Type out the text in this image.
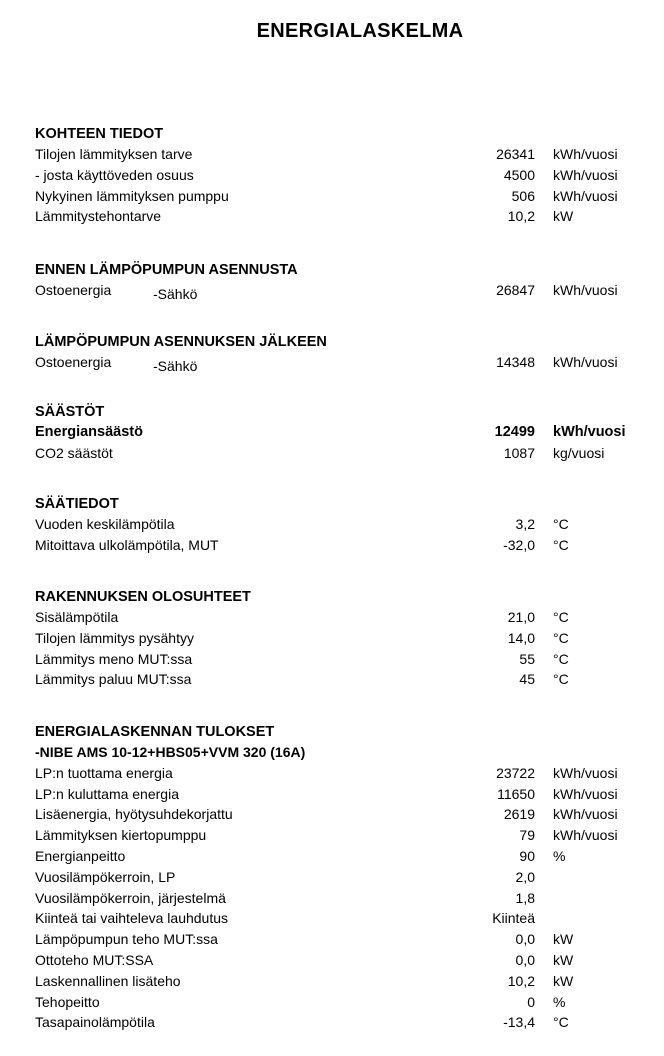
ENERGIALASKELMA
KOHTEEN TIEDOT
Tilojen lämmityksen tarve	26341 kWh/vuosi
- josta käyttöveden osuus	4500 kWh/vuosi
Nykyinen lämmityksen pumppu	506 kWh/vuosi
Lämmitystehontarve	10,2 kW
ENNEN LÄMPÖPUMPUN ASENNUSTA
Ostoenergia	-Sähkö	26847 kWh/vuosi
LÄMPÖPUMPUN ASENNUKSEN JÄLKEEN
Ostoenergia	-Sähkö	14348 kWh/vuosi
SÄÄSTÖT
Energiansäästö	12499 kWh/vuosi
CO2 säästöt	1087 kg/vuosi
SÄÄTIEDOT
Vuoden keskilämpötila	3,2 °C
Mitoittava ulkolämpötila, MUT	-32,0 °C
RAKENNUKSEN OLOSUHTEET
Sisälämpötila	21,0 °C
Tilojen lämmitys pysähtyy	14,0 °C
Lämmitys meno MUT:ssa	55 °C
Lämmitys paluu MUT:ssa	45 °C
ENERGIALASKENNAN TULOKSET
-NIBE AMS 10-12+HBS05+VVM 320 (16A)
LP:n tuottama energia	23722 kWh/vuosi
LP:n kuluttama energia	11650 kWh/vuosi
Lisäenergia, hyötysuhdekorjattu	2619 kWh/vuosi
Lämmityksen kiertopumppu	79 kWh/vuosi
Energianpeitto	90 %
Vuosilämpökerroin, LP	2,0
Vuosilämpökerroin, järjestelmä	1,8
Kiinteä tai vaihteleva lauhdutus	Kiinteä
Lämpöpumpun teho MUT:ssa	0,0 kW
Ottoteho MUT:SSA	0,0 kW
Laskennallinen lisäteho	10,2 kW
Tehopeitto	0 %
Tasapainolämpötila	-13,4 °C
